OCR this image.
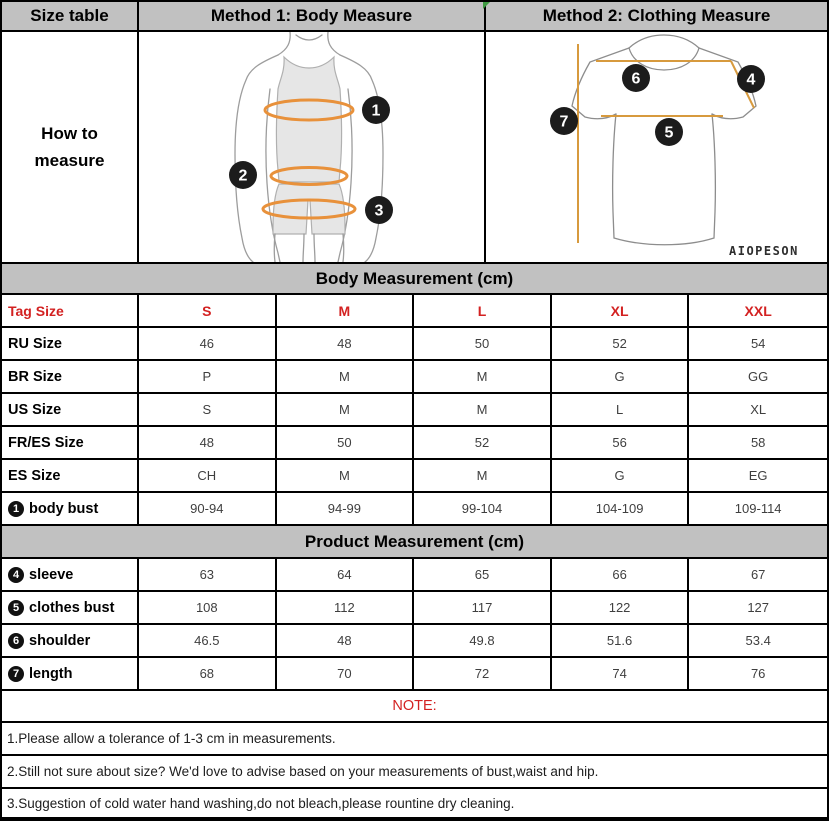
Size table	Method 1: Body Measure	Method 2: Clothing Measure
How to measure
1
2
3
6	4
7
5
AIOPESON
Body Measurement (cm)
Tag Size	S	M	L	XL	XXL
RU Size	46	48	50	52	54
BR Size	P	M	M	G	GG
US Size	S	M	M	L	XL
FR/ES Size	48	50	52	56	58
ES Size	CH	M	M	G	EG
1 body bust	90-94	94-99	99-104	104-109	109-114
Product Measurement (cm)
4 sleeve	63	64	65	66	67
5 clothes bust	108	112	117	122	127
6 shoulder	46.5	48	49.8	51.6	53.4
7 length	68	70	72	74	76
NOTE:
1.Please allow a tolerance of 1-3 cm in measurements.
2.Still not sure about size? We'd love to advise based on your measurements of bust,waist and hip.
3.Suggestion of cold water hand washing,do not bleach,please rountine dry cleaning.
